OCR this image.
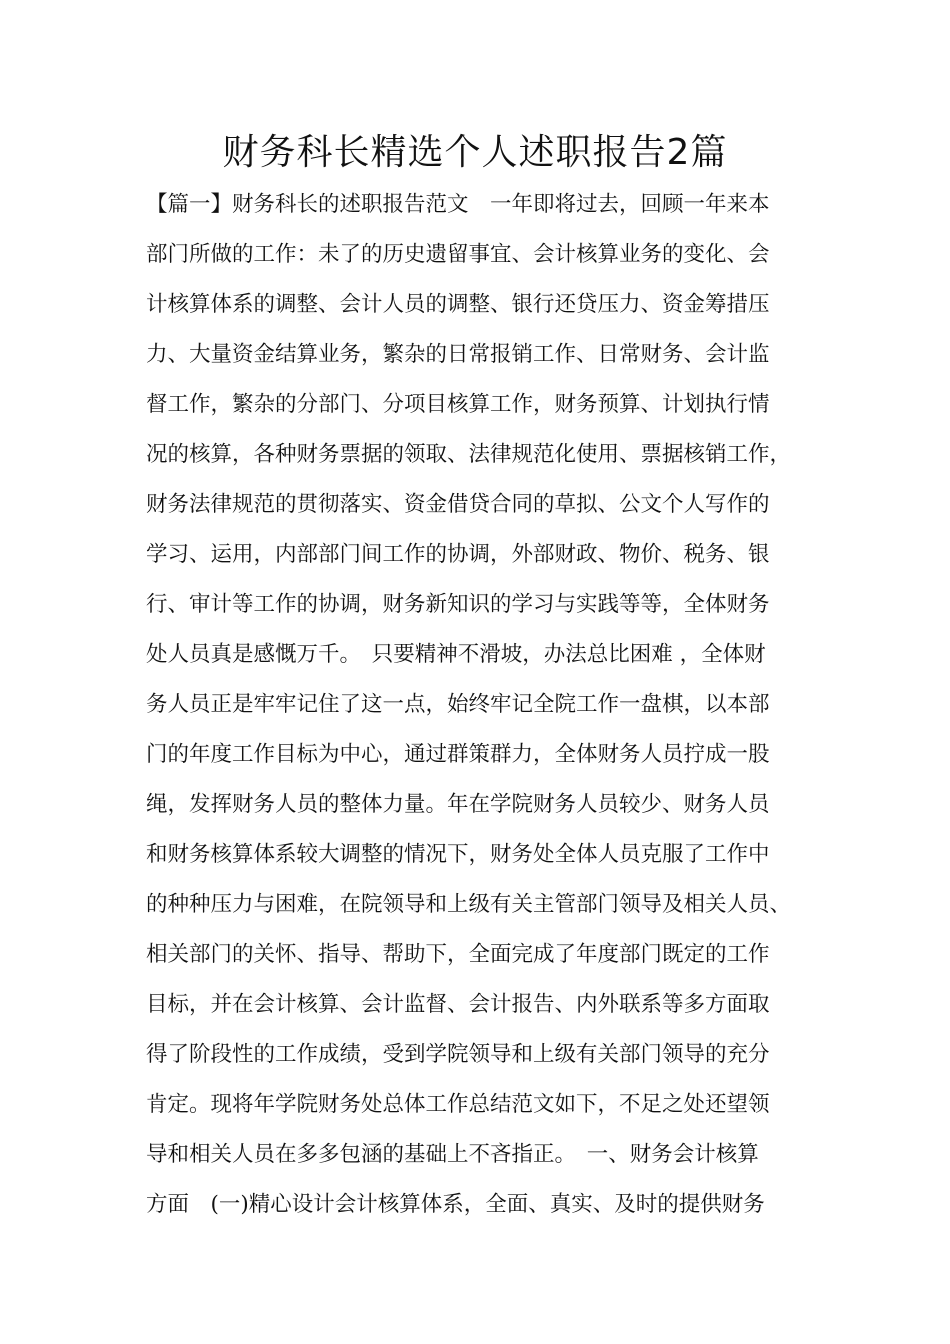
财务科长精选个人述职报告2篇
【篇一】财务科长的述职报告范文　一年即将过去，回顾一年来本
部门所做的工作：未了的历史遗留事宜、会计核算业务的变化、会
计核算体系的调整、会计人员的调整、银行还贷压力、资金筹措压
力、大量资金结算业务，繁杂的日常报销工作、日常财务、会计监
督工作，繁杂的分部门、分项目核算工作，财务预算、计划执行情
况的核算，各种财务票据的领取、法律规范化使用、票据核销工作，
财务法律规范的贯彻落实、资金借贷合同的草拟、公文个人写作的
学习、运用，内部部门间工作的协调，外部财政、物价、税务、银
行、审计等工作的协调，财务新知识的学习与实践等等，全体财务
处人员真是感慨万千。　只要精神不滑坡，办法总比困难 ，全体财
务人员正是牢牢记住了这一点，始终牢记全院工作一盘棋，以本部
门的年度工作目标为中心，通过群策群力，全体财务人员拧成一股
绳，发挥财务人员的整体力量。年在学院财务人员较少、财务人员
和财务核算体系较大调整的情况下，财务处全体人员克服了工作中
的种种压力与困难，在院领导和上级有关主管部门领导及相关人员、
相关部门的关怀、指导、帮助下，全面完成了年度部门既定的工作
目标，并在会计核算、会计监督、会计报告、内外联系等多方面取
得了阶段性的工作成绩，受到学院领导和上级有关部门领导的充分
肯定。现将年学院财务处总体工作总结范文如下，不足之处还望领
导和相关人员在多多包涵的基础上不吝指正。　一、财务会计核算
方面　(一)精心设计会计核算体系，全面、真实、及时的提供财务
